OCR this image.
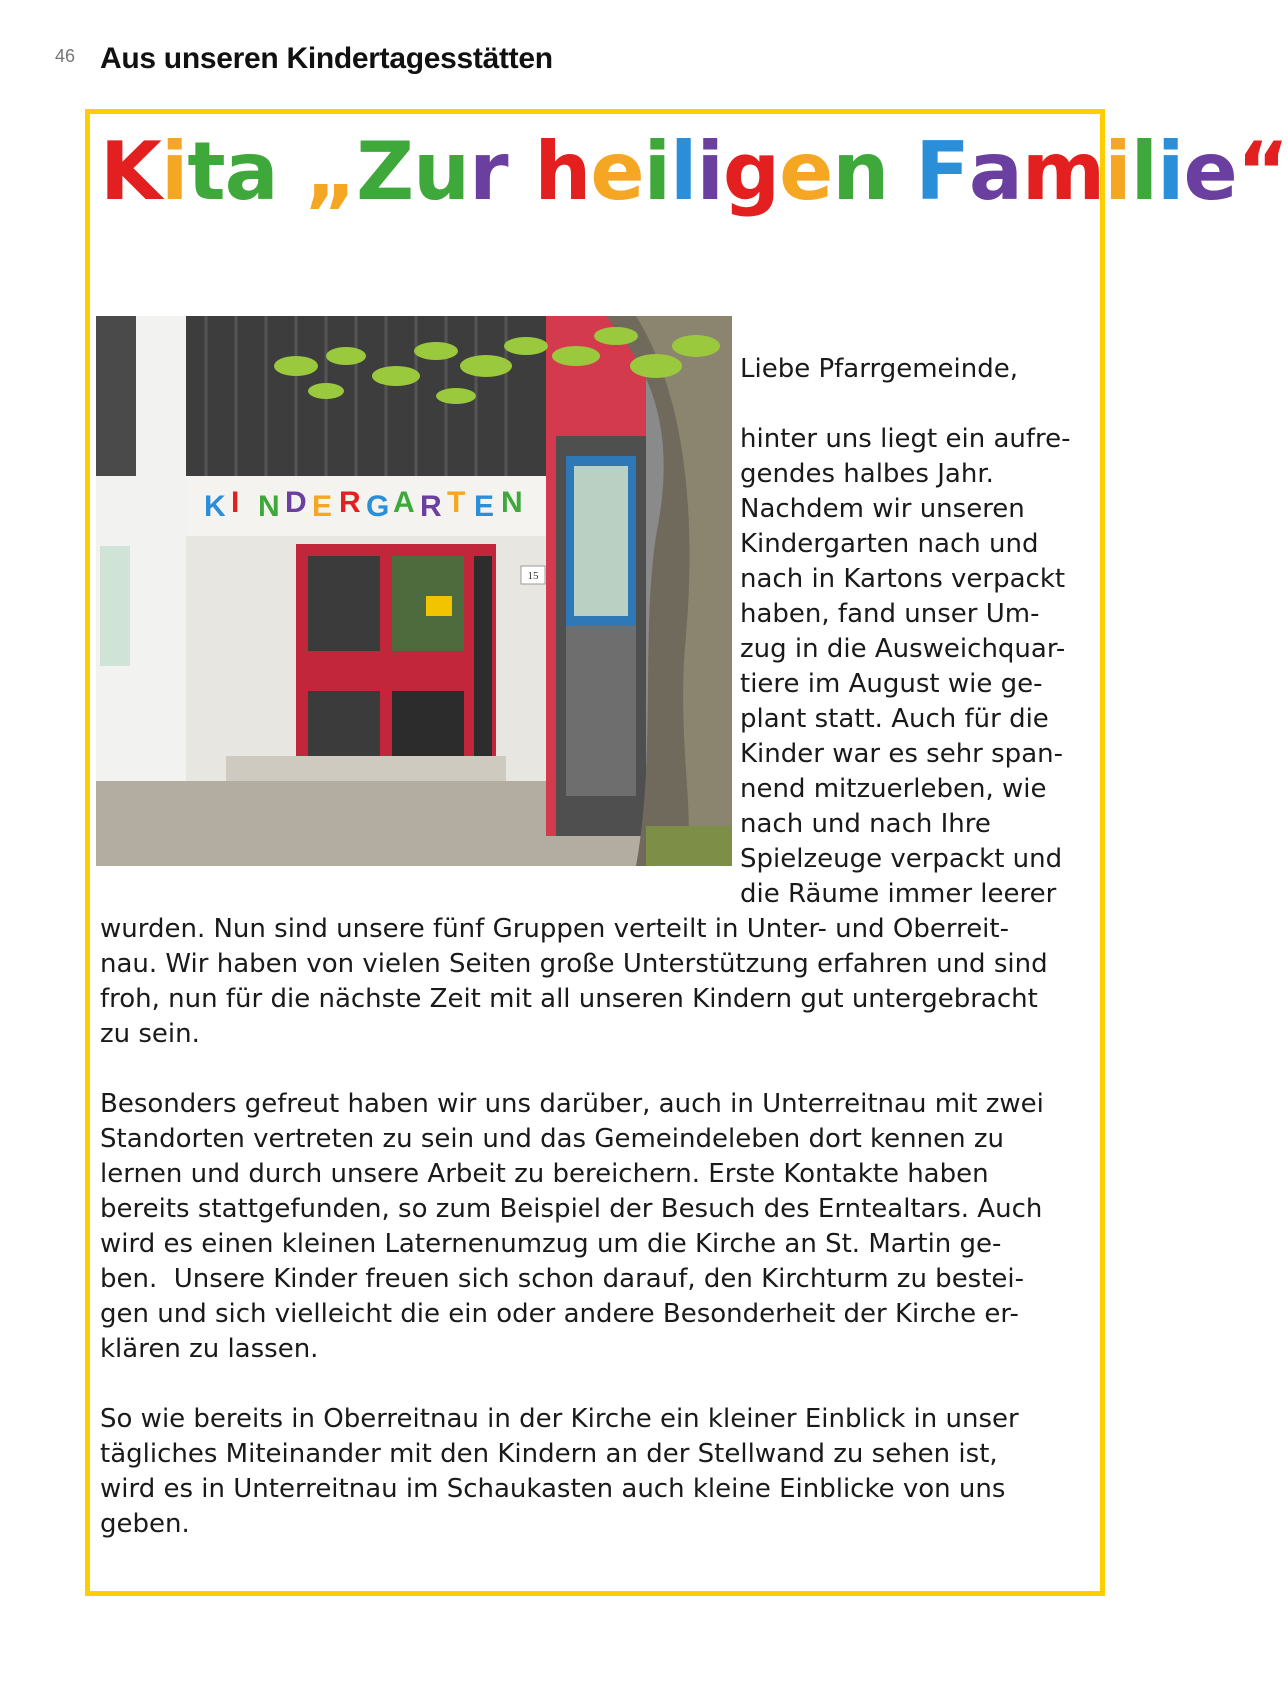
46 Aus unseren Kindertagesstätten
Kita „Zur heiligen Familie“
K I N D E R G A R T E N
15
Liebe Pfarrgemeinde,
hinter uns liegt ein aufre-
gendes halbes Jahr.
Nachdem wir unseren
Kindergarten nach und
nach in Kartons verpackt
haben, fand unser Um-
zug in die Ausweichquar-
tiere im August wie ge-
plant statt. Auch für die
Kinder war es sehr span-
nend mitzuerleben, wie
nach und nach Ihre
Spielzeuge verpackt und
die Räume immer leerer
wurden. Nun sind unsere fünf Gruppen verteilt in Unter- und Oberreit-
nau. Wir haben von vielen Seiten große Unterstützung erfahren und sind
froh, nun für die nächste Zeit mit all unseren Kindern gut untergebracht
zu sein.
Besonders gefreut haben wir uns darüber, auch in Unterreitnau mit zwei
Standorten vertreten zu sein und das Gemeindeleben dort kennen zu
lernen und durch unsere Arbeit zu bereichern. Erste Kontakte haben
bereits stattgefunden, so zum Beispiel der Besuch des Erntealtars. Auch
wird es einen kleinen Laternenumzug um die Kirche an St. Martin ge-
ben.  Unsere Kinder freuen sich schon darauf, den Kirchturm zu bestei-
gen und sich vielleicht die ein oder andere Besonderheit der Kirche er-
klären zu lassen.
So wie bereits in Oberreitnau in der Kirche ein kleiner Einblick in unser
tägliches Miteinander mit den Kindern an der Stellwand zu sehen ist,
wird es in Unterreitnau im Schaukasten auch kleine Einblicke von uns
geben.
